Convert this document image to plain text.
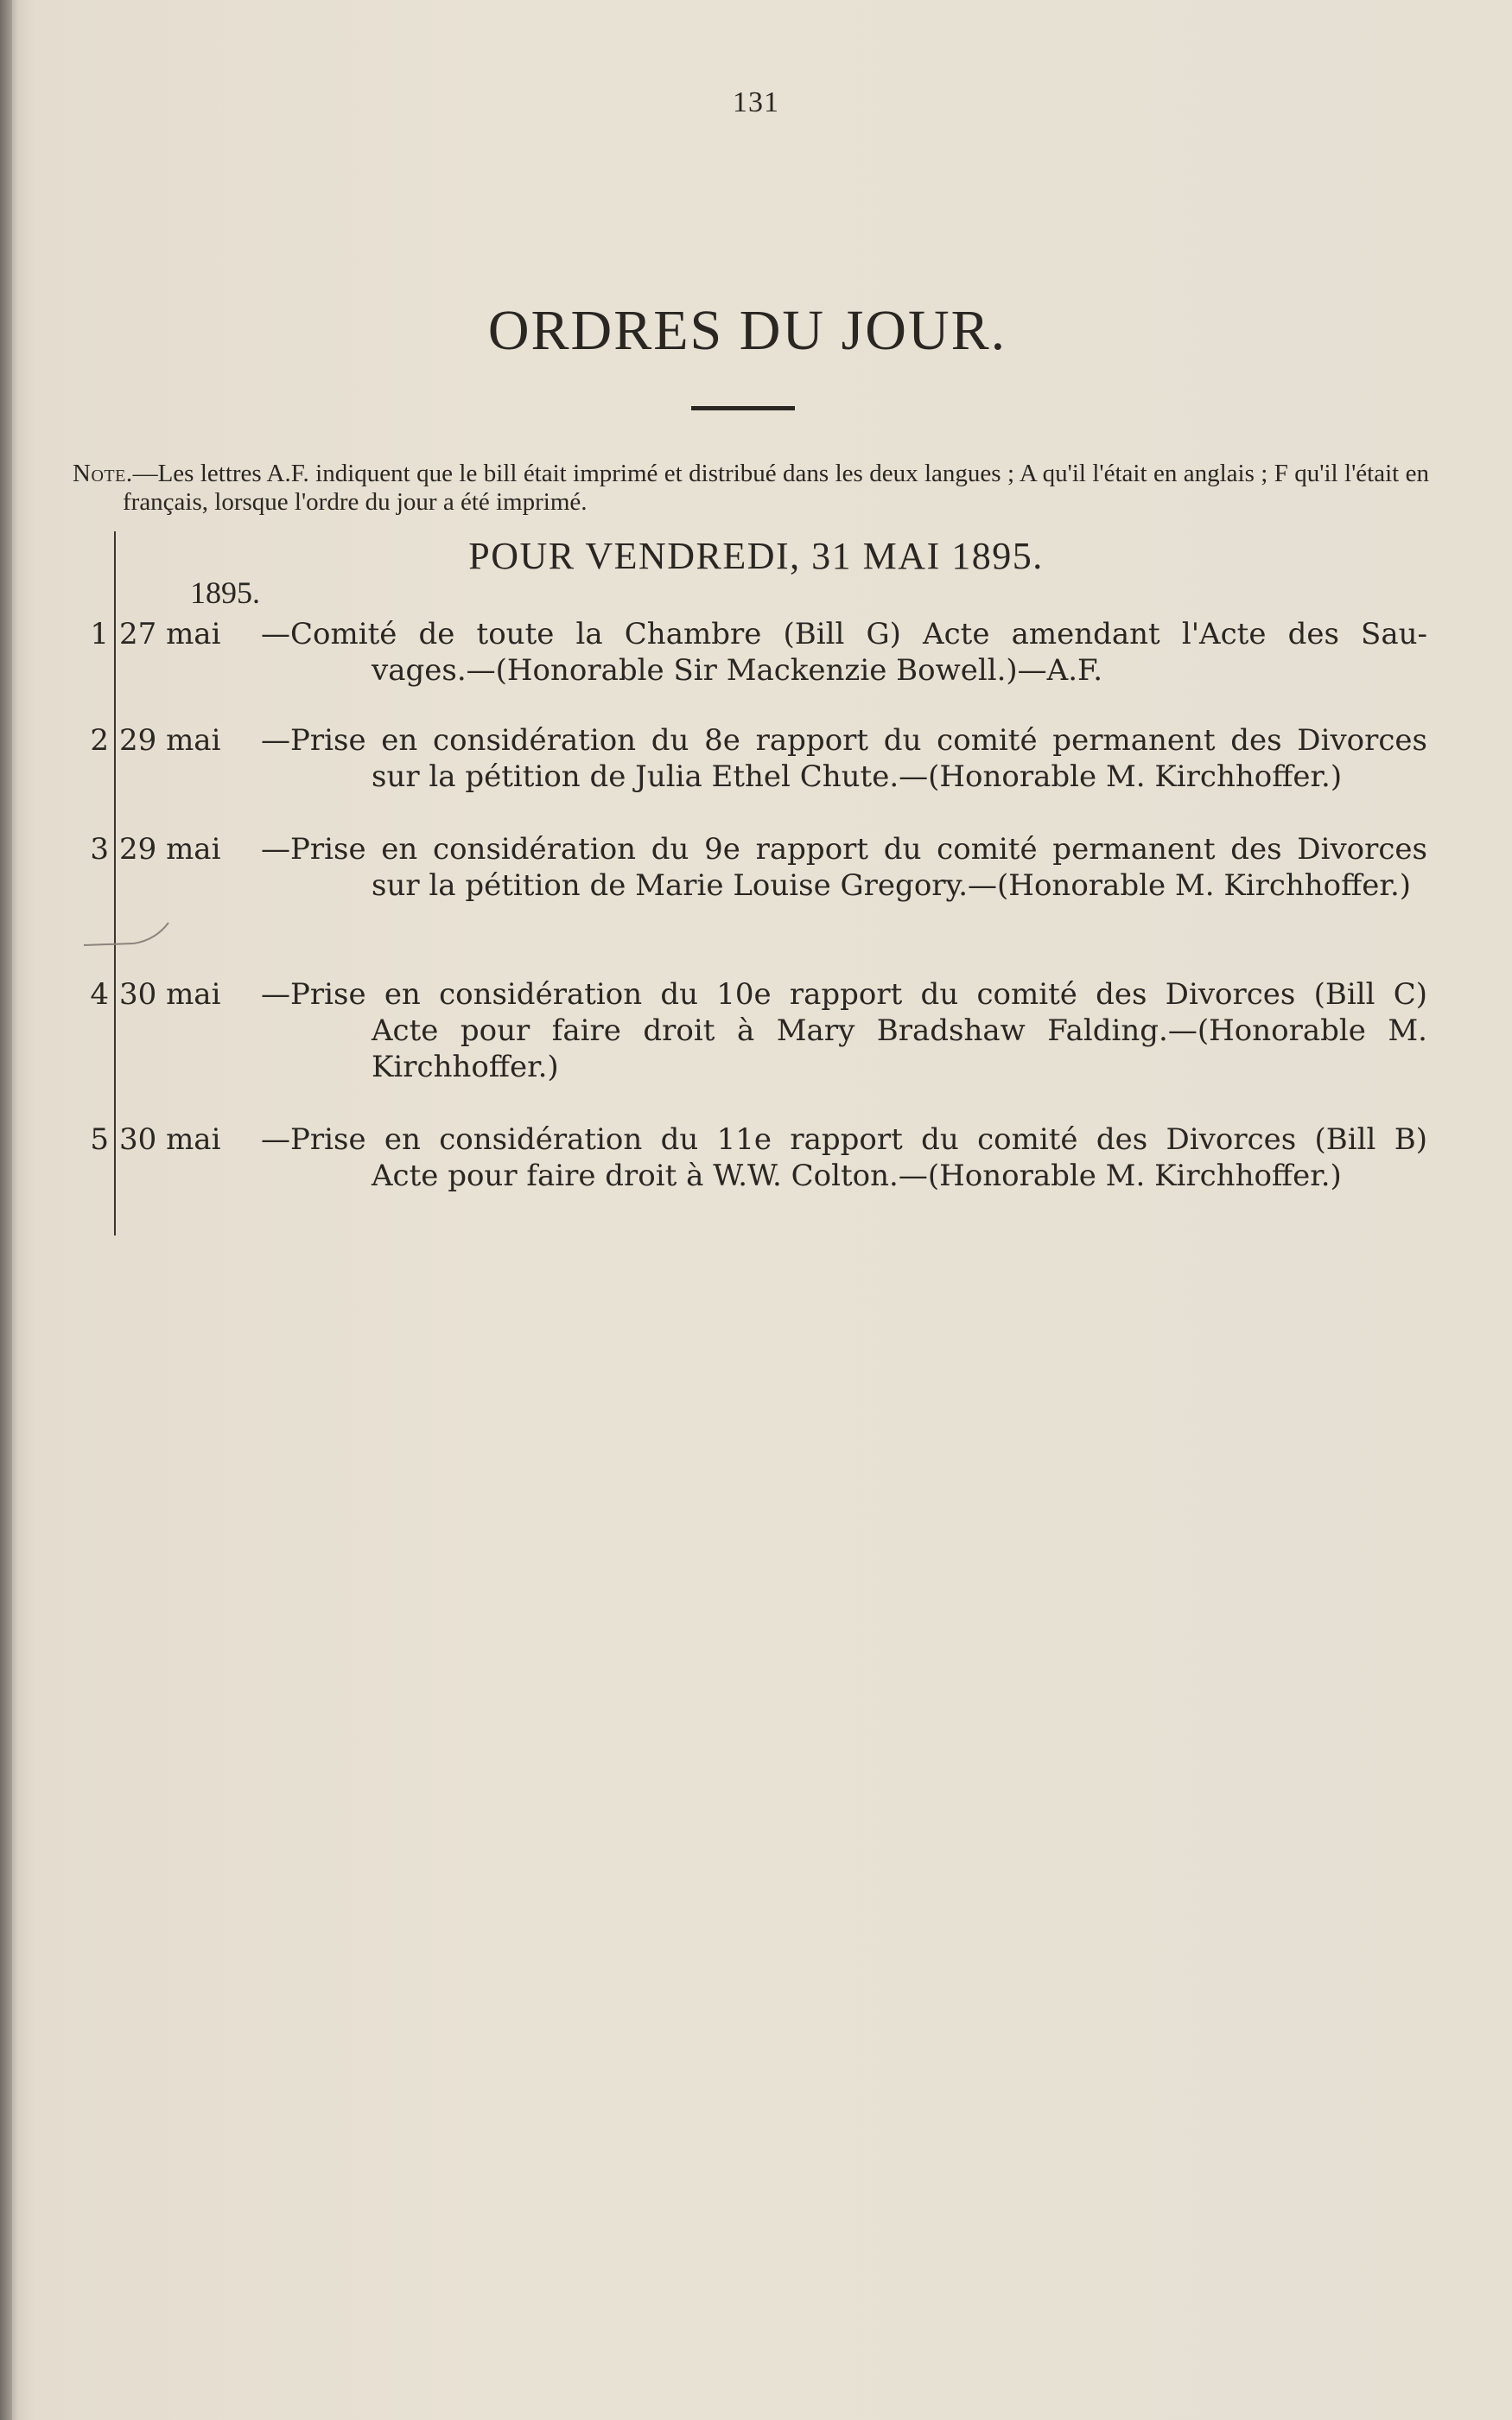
131
ORDRES DU JOUR.
Note.—Les lettres A.F. indiquent que le bill était imprimé et distribué dans les deux langues ; A qu'il l'était en anglais ; F qu'il l'était en français, lorsque l'ordre du jour a été imprimé.
POUR VENDREDI, 31 MAI 1895.
1895.
1 27 mai —Comité de toute la Chambre (Bill G) Acte amendant l'Acte des Sau-
vages.—(Honorable Sir Mackenzie Bowell.)—A.F.
2 29 mai —Prise en considération du 8e rapport du comité permanent des Divorces
sur la pétition de Julia Ethel Chute.—(Honorable M. Kirchhoffer.)
3 29 mai —Prise en considération du 9e rapport du comité permanent des Divorces
sur la pétition de Marie Louise Gregory.—(Honorable M. Kirchhoffer.)
4 30 mai —Prise en considération du 10e rapport du comité des Divorces (Bill C)
Acte pour faire droit à Mary Bradshaw Falding.—(Honorable M. Kirchhoffer.)
5 30 mai —Prise en considération du 11e rapport du comité des Divorces (Bill B)
Acte pour faire droit à W.W. Colton.—(Honorable M. Kirchhoffer.)
